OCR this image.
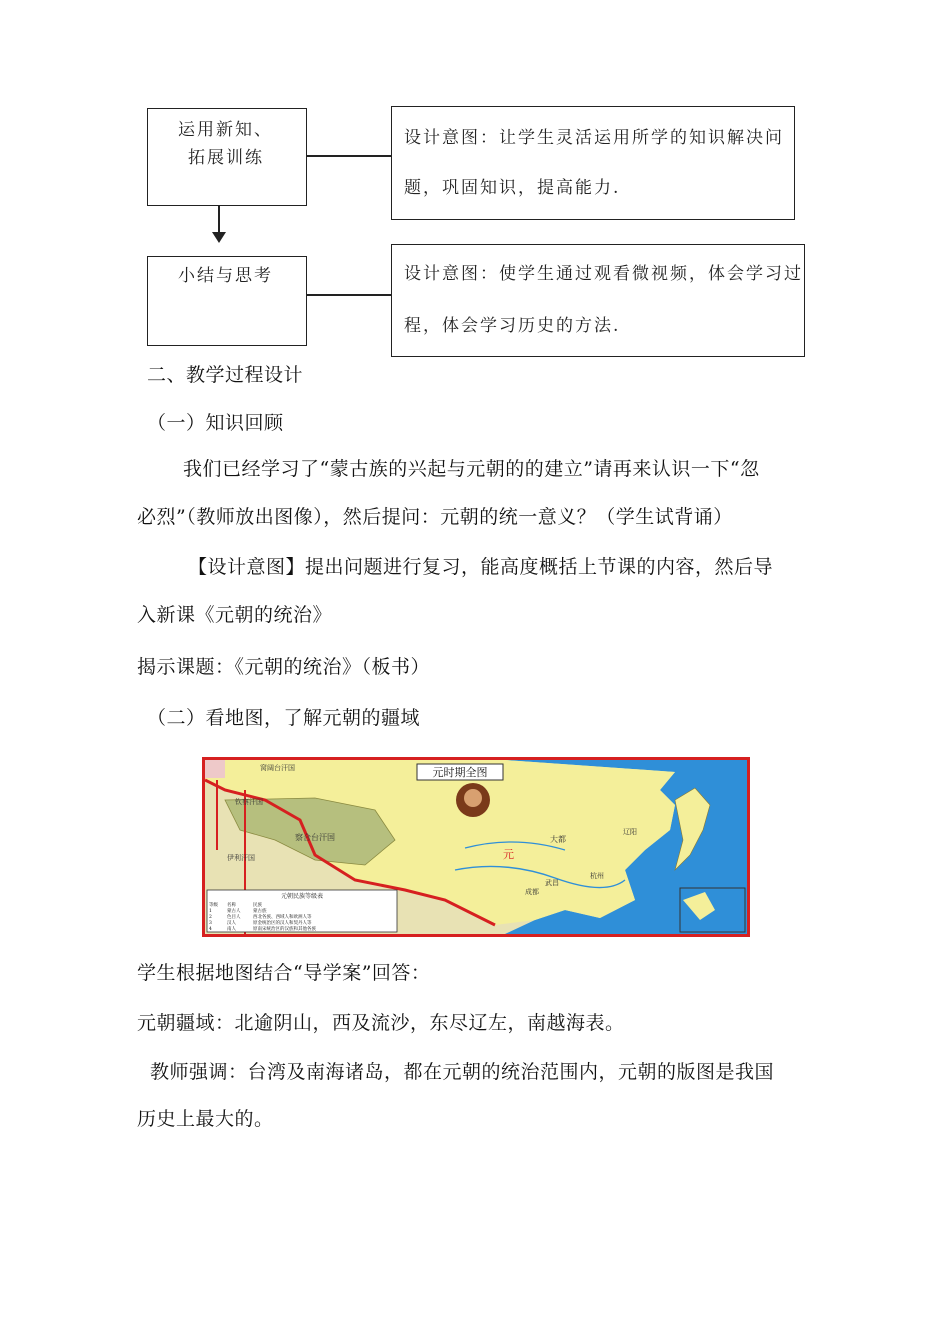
运用新知、
拓展训练
设计意图：让学生灵活运用所学的知识解决问
题，巩固知识，提高能力.
小结与思考	设计意图：使学生通过观看微视频，体会学习过
程，体会学习历史的方法.
二、教学过程设计
（一）知识回顾
我们已经学习了“蒙古族的兴起与元朝的的建立”请再来认识一下“忽
必烈”（教师放出图像），然后提问：元朝的统一意义？（学生试背诵）
【设计意图】提出问题进行复习，能高度概括上节课的内容，然后导
入新课《元朝的统治》
揭示课题：《元朝的统治》（板书）
（二）看地图，了解元朝的疆域
元时期全图
察合台汗国
钦察汗国
窝阔台汗国
伊利汗国	元
大都
成都
武昌
杭州
辽阳
元朝民族等级表
等级 名称	民族
1	蒙古人	蒙古族
2	色目人	西北各族、西域人和欧洲人等
3	汉人	原金统治区的汉人和契丹人等
4	南人	原南宋统治区的汉族和其他各族
学生根据地图结合“导学案”回答：
元朝疆域：北逾阴山，西及流沙，东尽辽左，南越海表。
教师强调：台湾及南海诸岛，都在元朝的统治范围内，元朝的版图是我国
历史上最大的。
